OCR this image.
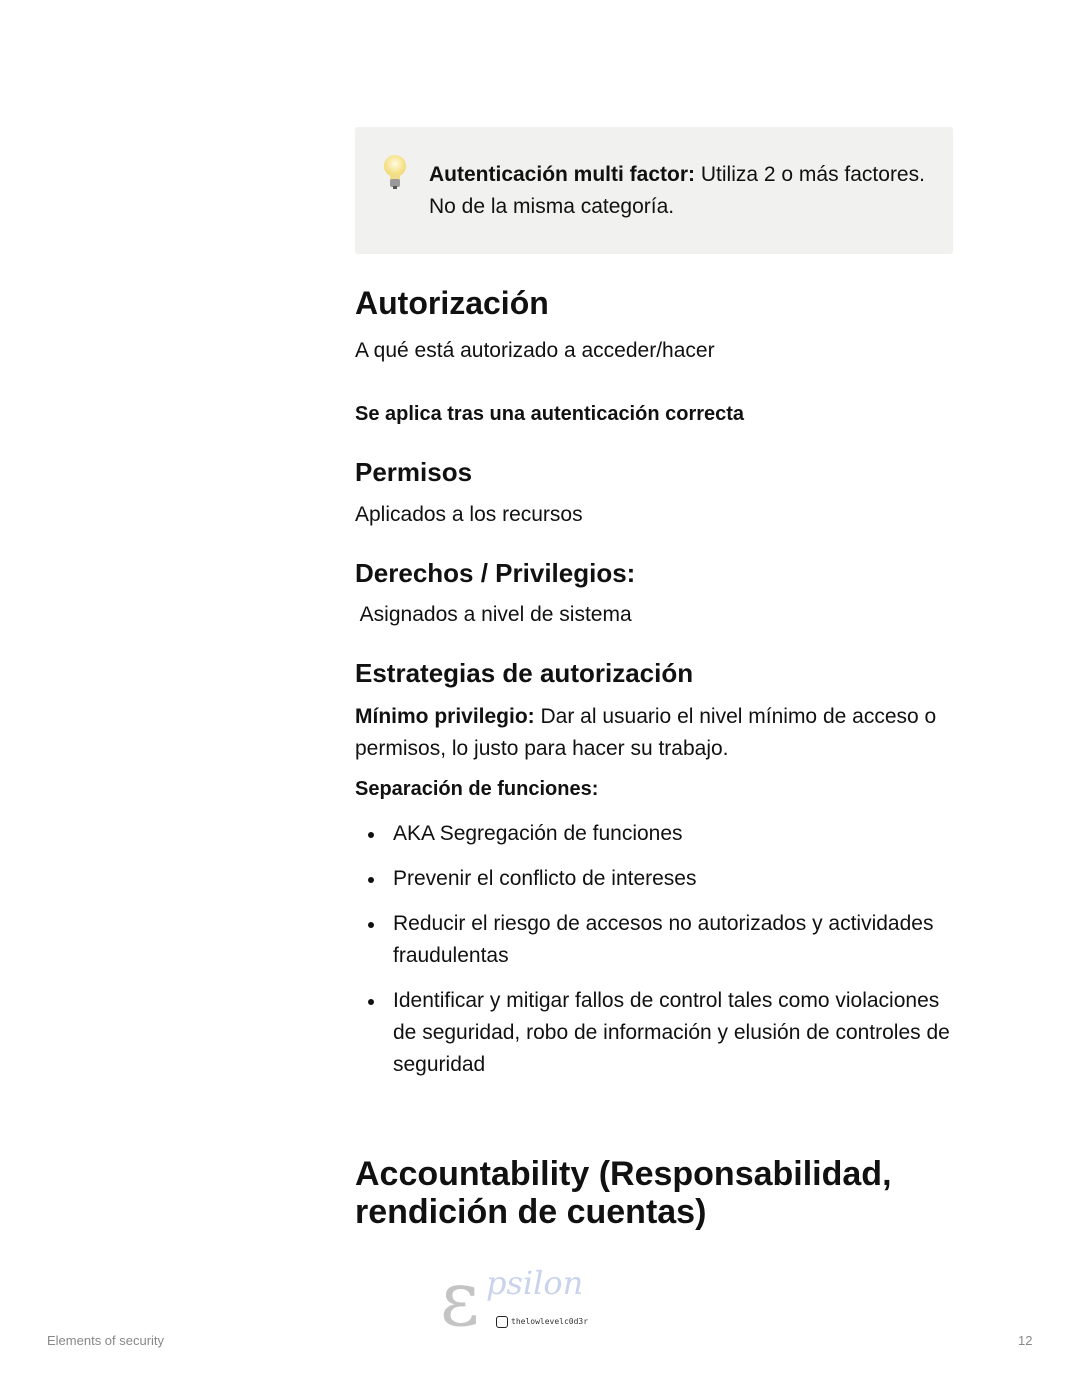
Autenticación multi factor: Utiliza 2 o más factores. No de la misma categoría.
Autorización
A qué está autorizado a acceder/hacer
Se aplica tras una autenticación correcta
Permisos
Aplicados a los recursos
Derechos / Privilegios:
Asignados a nivel de sistema
Estrategias de autorización
Mínimo privilegio: Dar al usuario el nivel mínimo de acceso o permisos, lo justo para hacer su trabajo.
Separación de funciones:
AKA Segregación de funciones
Prevenir el conflicto de intereses
Reducir el riesgo de accesos no autorizados y actividades fraudulentas
Identificar y mitigar fallos de control tales como violaciones de seguridad, robo de información y elusión de controles de seguridad
Accountability (Responsabilidad, rendición de cuentas)
ε psilon
thelowlevelc0d3r
Elements of security	12
